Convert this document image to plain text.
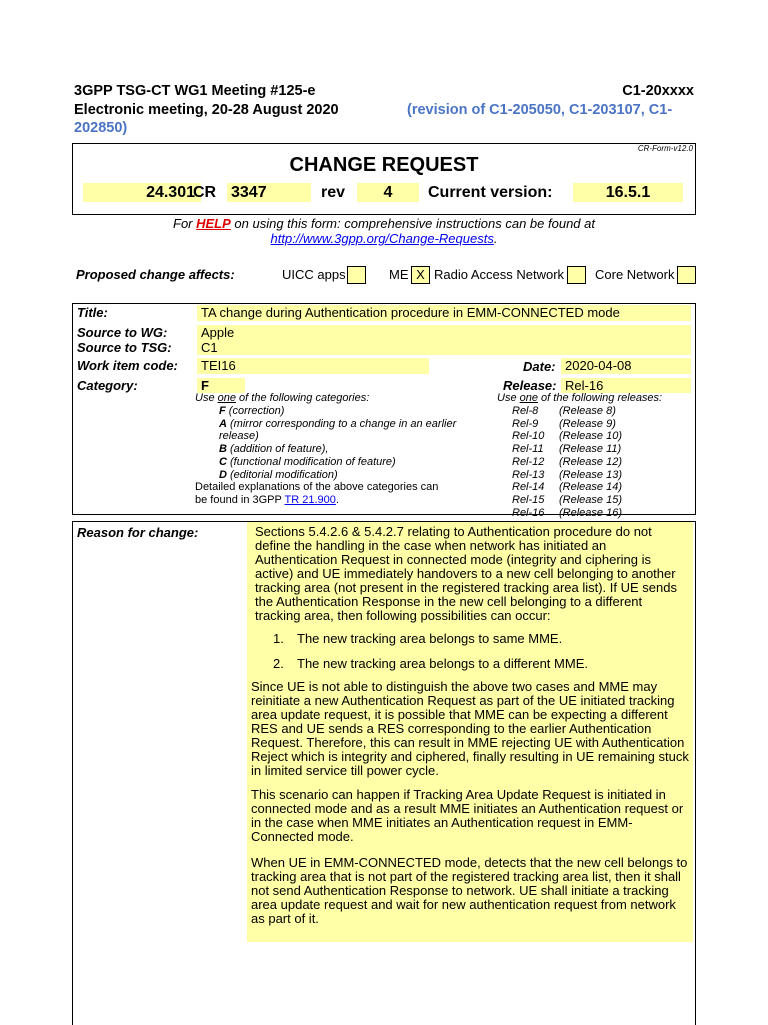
3GPP TSG-CT WG1 Meeting #125-e	C1-20xxxx
Electronic meeting, 20-28 August 2020	(revision of C1-205050, C1-203107, C1-
202850)
CR-Form-v12.0
CHANGE REQUEST
24.301
CR 3347	rev	4	Current version:	16.5.1
For HELP on using this form: comprehensive instructions can be found at
http://www.3gpp.org/Change-Requests.
Proposed change affects:	UICC apps	ME X Radio Access Network Core Network
Title:	TA change during Authentication procedure in EMM-CONNECTED mode
Source to WG:	Apple
Source to TSG:	C1
Work item code:	TEI16	Date: 2020-04-08
Category:	F	Release: Rel-16
Use one of the following categories:
F (correction)
A (mirror corresponding to a change in an earlier
release)
B (addition of feature),
C (functional modification of feature)
D (editorial modification)
Detailed explanations of the above categories can
be found in 3GPP TR 21.900.
Use one of the following releases:
Rel-8 (Release 8)
Rel-9 (Release 9)
Rel-10 (Release 10)
Rel-11 (Release 11)
Rel-12 (Release 12)
Rel-13 (Release 13)
Rel-14 (Release 14)
Rel-15 (Release 15)
Rel-16 (Release 16)
Reason for change:	Sections 5.4.2.6 & 5.4.2.7 relating to Authentication procedure do not define the handling in the case when network has initiated an Authentication Request in connected mode (integrity and ciphering is active) and UE immediately handovers to a new cell belonging to another tracking area (not present in the registered tracking area list). If UE sends the Authentication Response in the new cell belonging to a different tracking area, then following possibilities can occur:
1. The new tracking area belongs to same MME.
2. The new tracking area belongs to a different MME.
Since UE is not able to distinguish the above two cases and MME may reinitiate a new Authentication Request as part of the UE initiated tracking area update request, it is possible that MME can be expecting a different RES and UE sends a RES corresponding to the earlier Authentication Request. Therefore, this can result in MME rejecting UE with Authentication Reject which is integrity and ciphered, finally resulting in UE remaining stuck in limited service till power cycle.
This scenario can happen if Tracking Area Update Request is initiated in connected mode and as a result MME initiates an Authentication request or in the case when MME initiates an Authentication request in EMM-Connected mode.
When UE in EMM-CONNECTED mode, detects that the new cell belongs to tracking area that is not part of the registered tracking area list, then it shall not send Authentication Response to network. UE shall initiate a tracking area update request and wait for new authentication request from network as part of it.
